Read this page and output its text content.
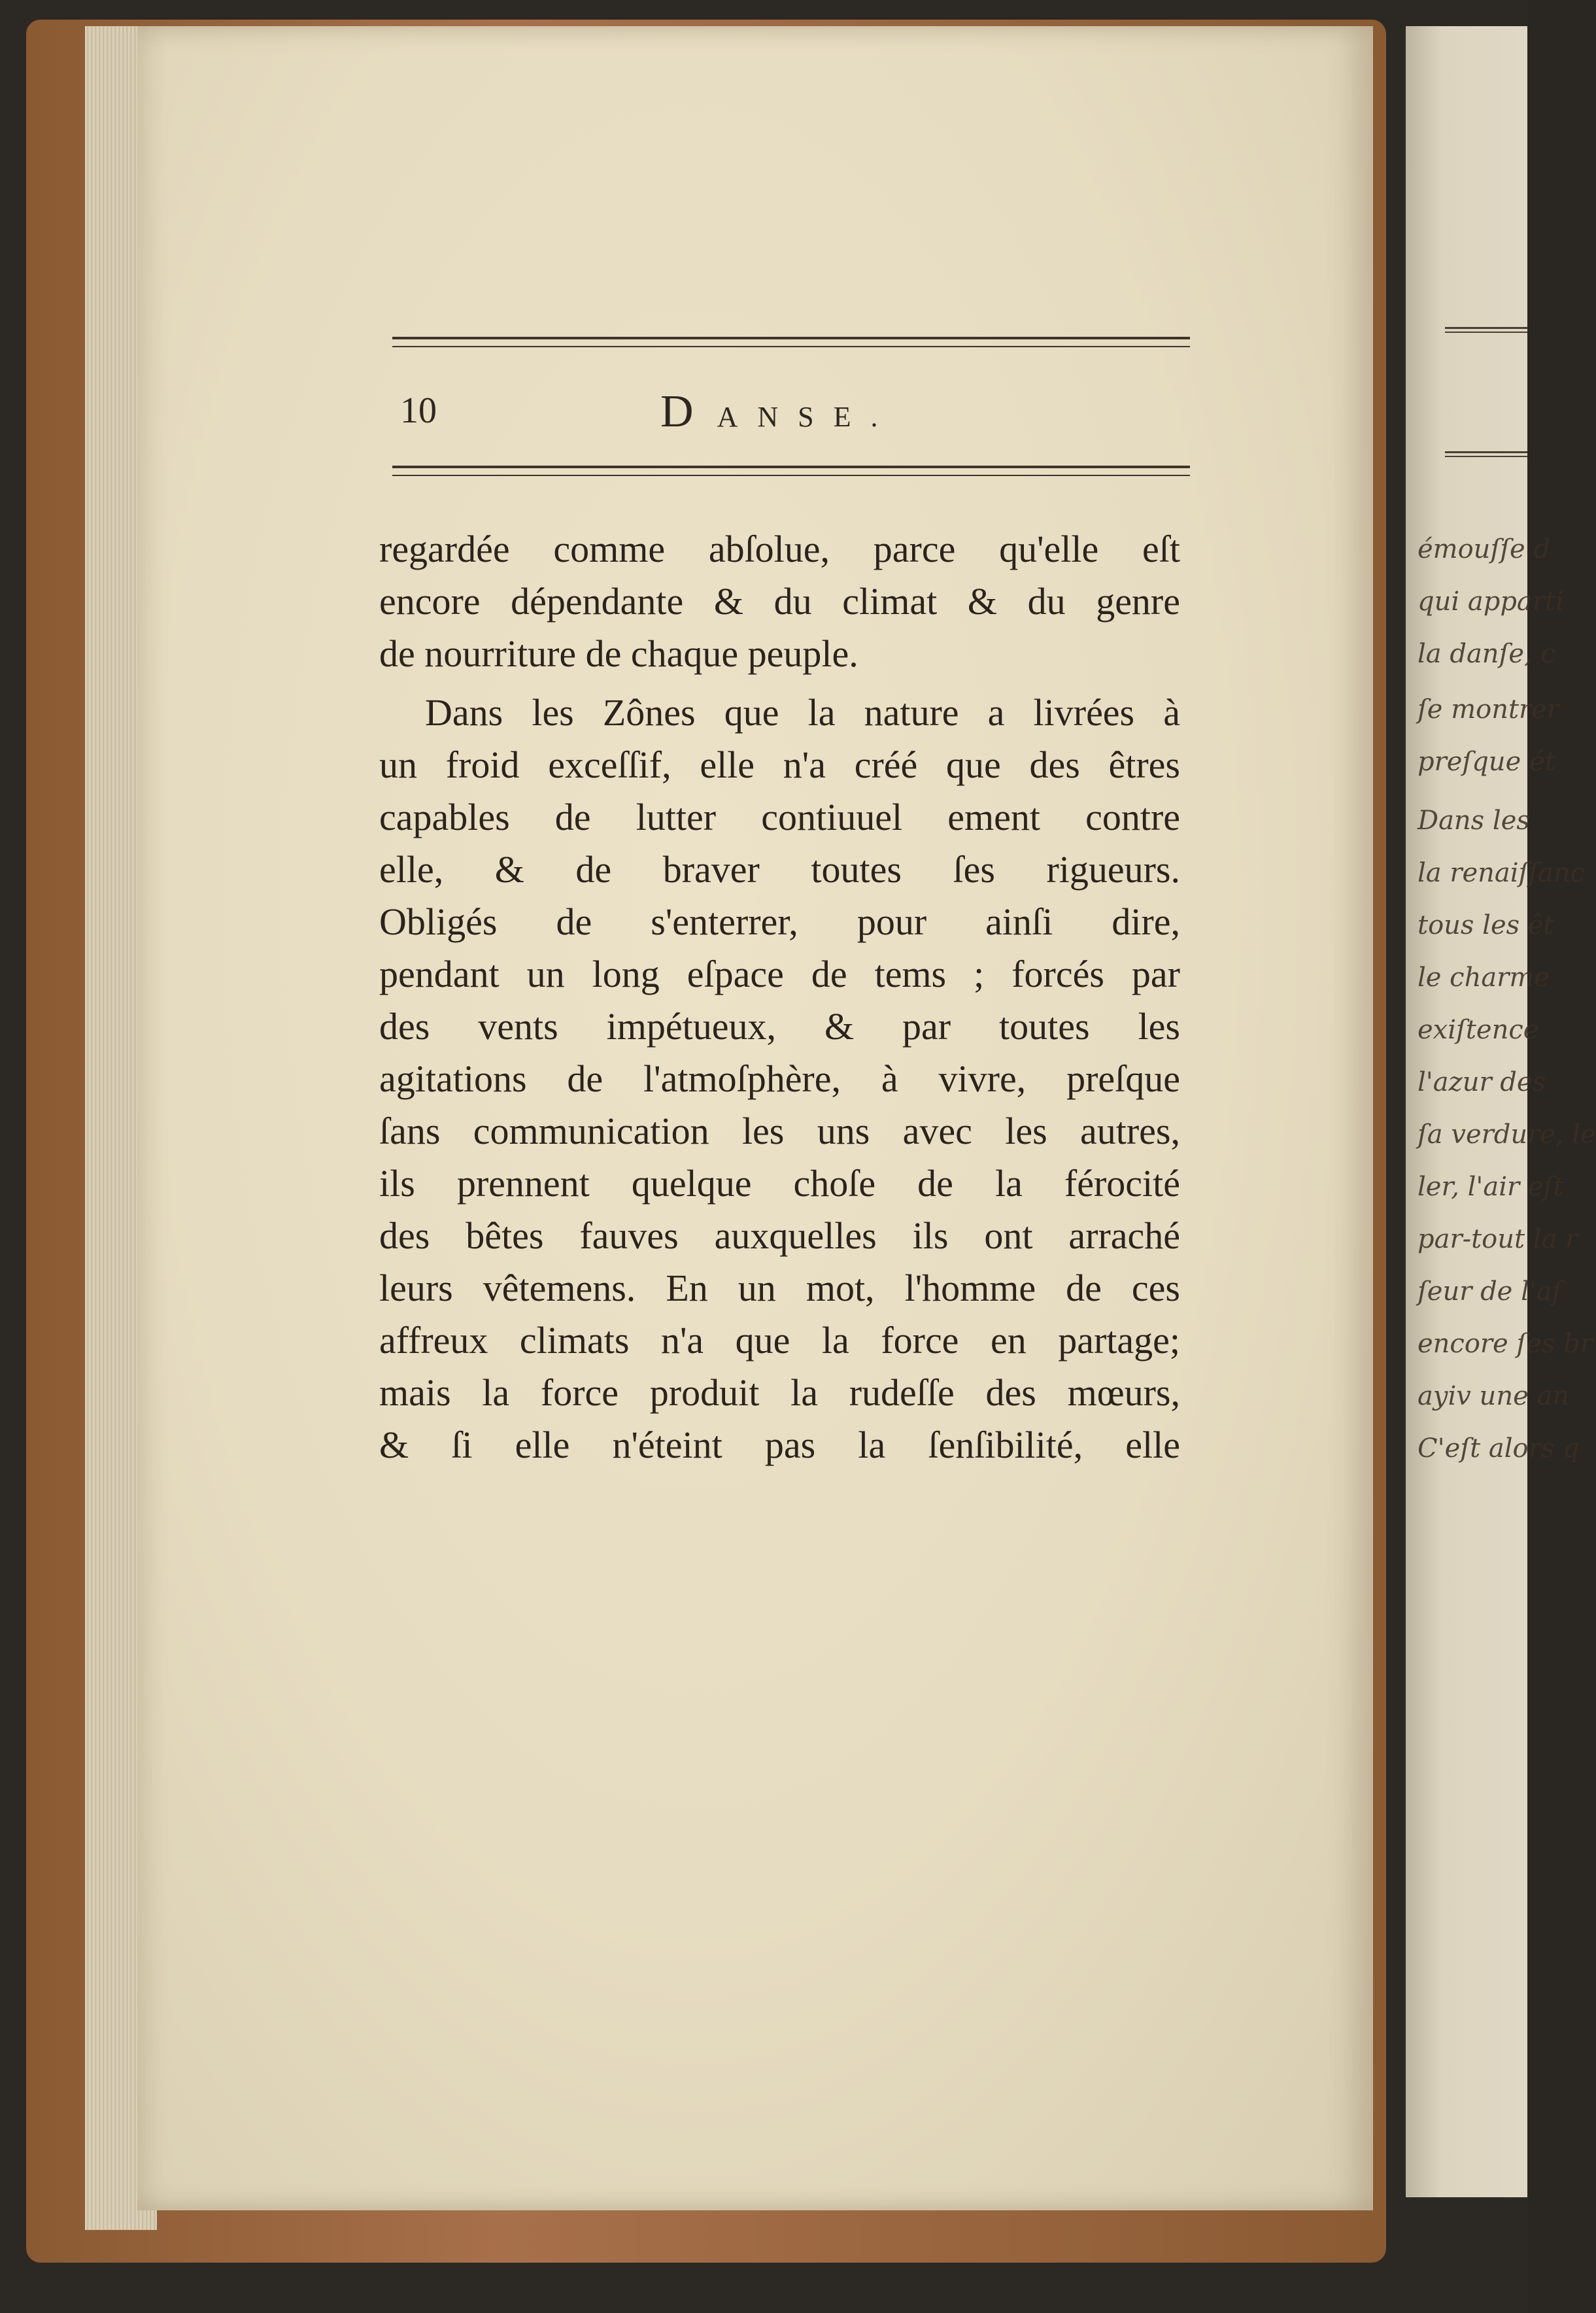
10	DANSE.
regardée comme abſolue, parce qu'elle eſt
encore dépendante & du climat & du genre
de nourriture de chaque peuple.
Dans les Zônes que la nature a livrées à
un froid exceſſif, elle n'a créé que des êtres
capables de lutter contiuuel ement contre
elle, & de braver toutes ſes rigueurs.
Obligés de s'enterrer, pour ainſi dire,
pendant un long eſpace de tems ; forcés par
des vents impétueux, & par toutes les
agitations de l'atmoſphère, à vivre, preſque
ſans communication les uns avec les autres,
ils prennent quelque choſe de la férocité
des bêtes fauves auxquelles ils ont arraché
leurs vêtemens. En un mot, l'homme de ces
affreux climats n'a que la force en partage;
mais la force produit la rudeſſe des mœurs,
& ſi elle n'éteint pas la ſenſibilité, elle
émouſſe d
qui apparti
la danſe, c
ſe montrer
preſque ét
Dans les
la renaiſſanc
tous les êt
le charme
exiſtence
l'azur des
ſa verdure, le
ler, l'air eſt
par-tout la r
ſeur de l'aſ
encore ſes br
ayiv une an
C'eſt alors q
